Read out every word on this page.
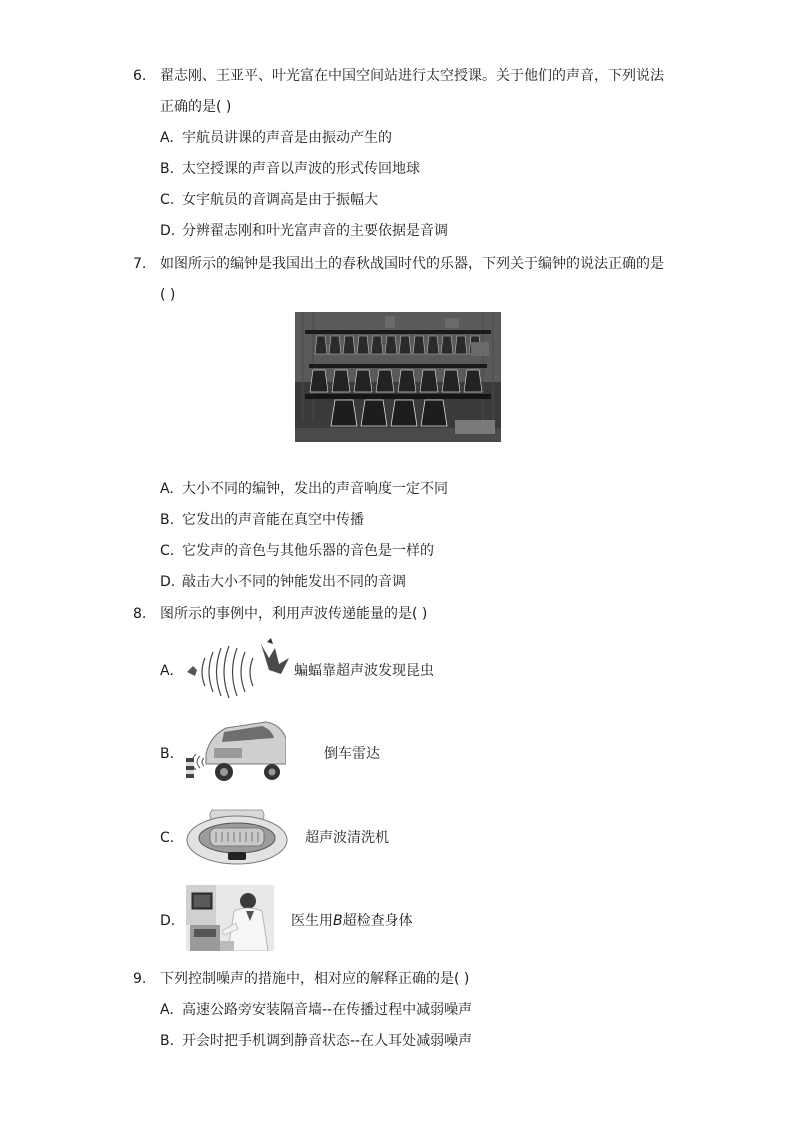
6. 翟志刚、王亚平、叶光富在中国空间站进行太空授课。关于他们的声音，下列说法
正确的是( )
A. 宇航员讲课的声音是由振动产生的
B. 太空授课的声音以声波的形式传回地球
C. 女宇航员的音调高是由于振幅大
D. 分辨翟志刚和叶光富声音的主要依据是音调
7. 如图所示的编钟是我国出土的春秋战国时代的乐器，下列关于编钟的说法正确的是
( )
A. 大小不同的编钟，发出的声音响度一定不同
B. 它发出的声音能在真空中传播
C. 它发声的音色与其他乐器的音色是一样的
D. 敲击大小不同的钟能发出不同的音调
8. 图所示的事例中，利用声波传递能量的是( )
A.	蝙蝠靠超声波发现昆虫
B.	倒车雷达
C.	超声波清洗机
D.	医生用B超检查身体
9. 下列控制噪声的措施中，相对应的解释正确的是( )
A. 高速公路旁安装隔音墙--在传播过程中减弱噪声
B. 开会时把手机调到静音状态--在人耳处减弱噪声
